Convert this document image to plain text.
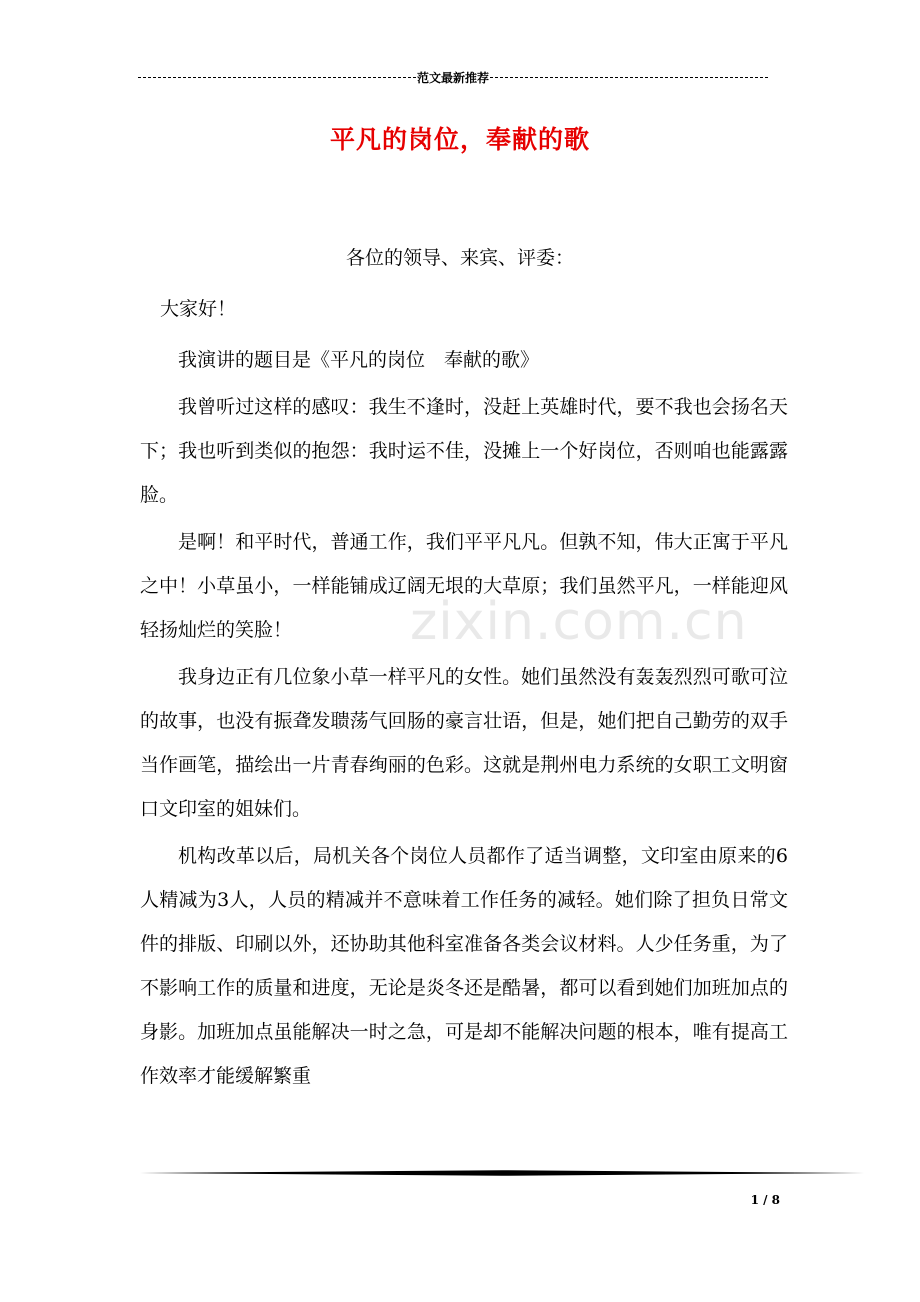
范文最新推荐
平凡的岗位，奉献的歌
zixin.com.cn
各位的领导、来宾、评委：
大家好！

我演讲的题目是《平凡的岗位　奉献的歌》

我曾听过这样的感叹：我生不逢时，没赶上英雄时代，要不我也会扬名天下；我也听到类似的抱怨：我时运不佳，没摊上一个好岗位，否则咱也能露露脸。

是啊！和平时代，普通工作，我们平平凡凡。但孰不知，伟大正寓于平凡之中！小草虽小，一样能铺成辽阔无垠的大草原；我们虽然平凡，一样能迎风轻扬灿烂的笑脸！

我身边正有几位象小草一样平凡的女性。她们虽然没有轰轰烈烈可歌可泣的故事，也没有振聋发聩荡气回肠的豪言壮语，但是，她们把自己勤劳的双手当作画笔，描绘出一片青春绚丽的色彩。这就是荆州电力系统的女职工文明窗口文印室的姐妹们。

机构改革以后，局机关各个岗位人员都作了适当调整，文印室由原来的6人精减为3人，人员的精减并不意味着工作任务的减轻。她们除了担负日常文件的排版、印刷以外，还协助其他科室准备各类会议材料。人少任务重，为了不影响工作的质量和进度，无论是炎冬还是酷暑，都可以看到她们加班加点的身影。加班加点虽能解决一时之急，可是却不能解决问题的根本，唯有提高工作效率才能缓解繁重

1 / 8
